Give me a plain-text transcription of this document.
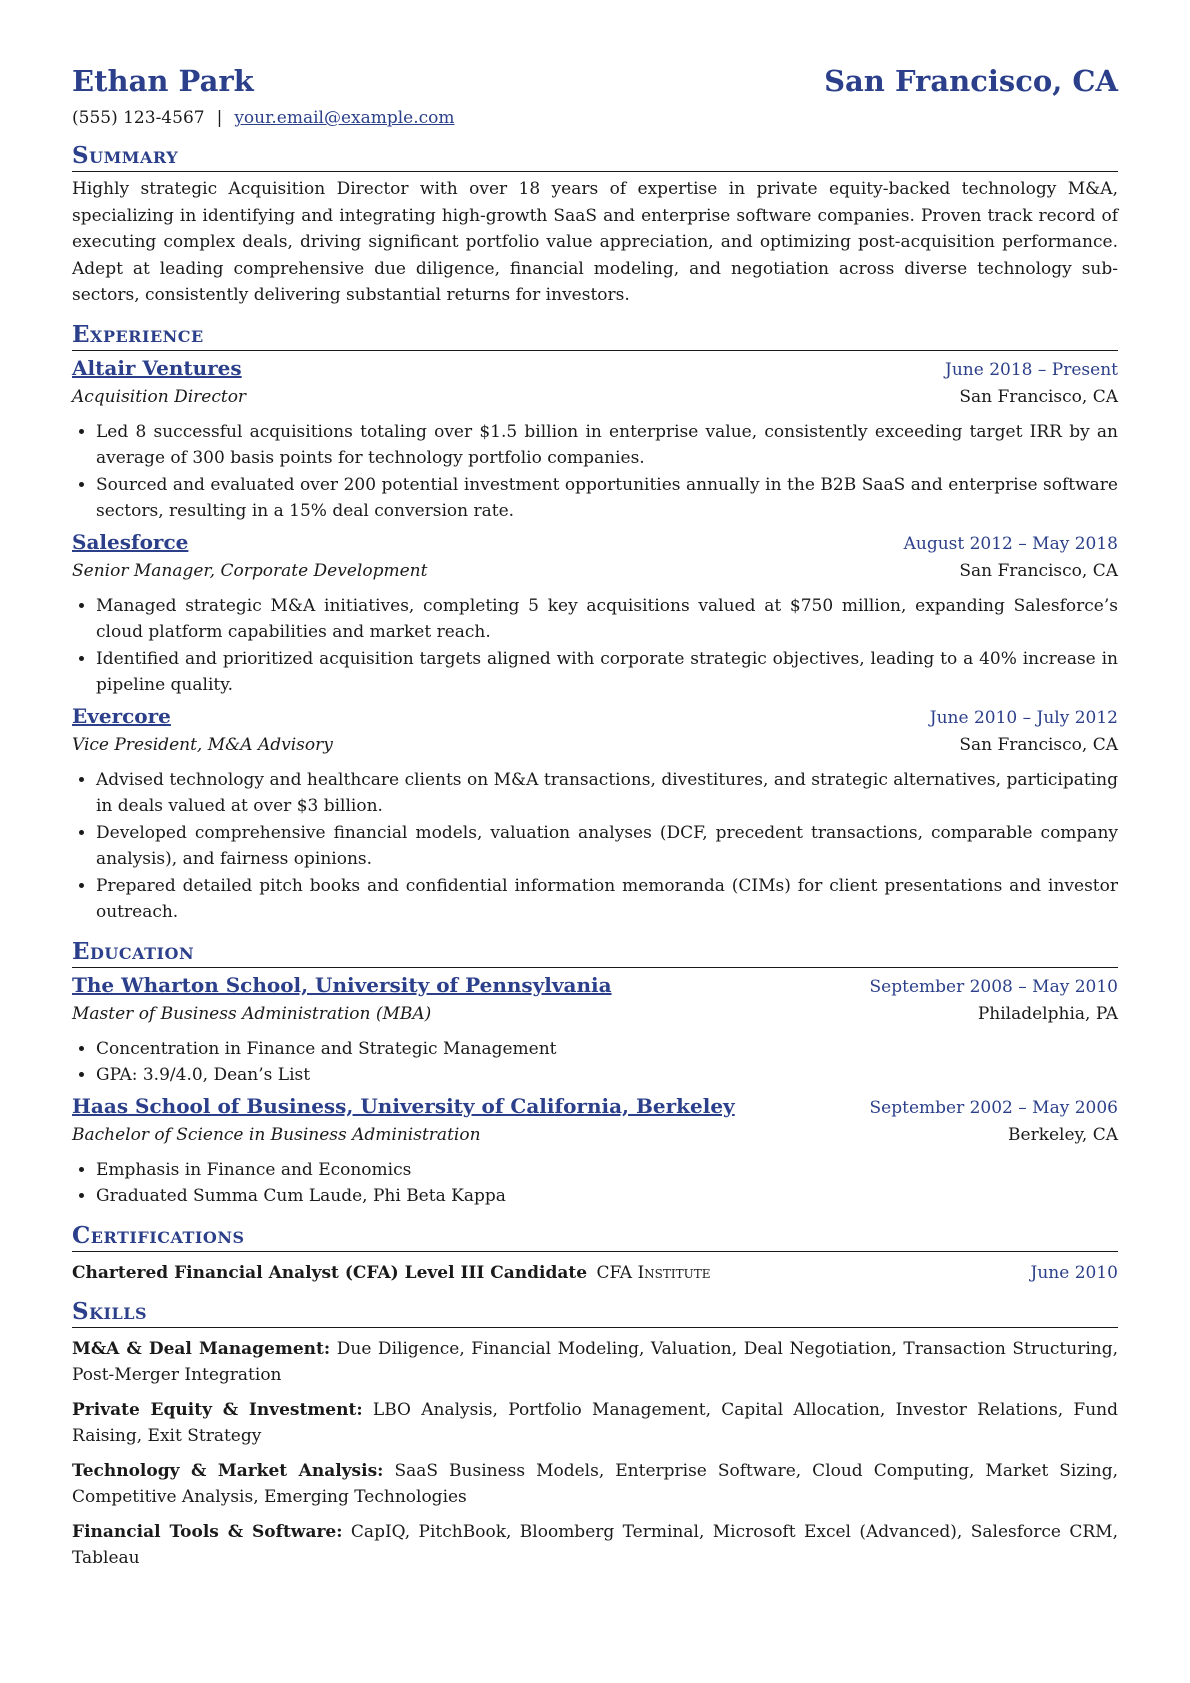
Ethan Park	San Francisco, CA
(555) 123-4567 | your.email@example.com
Summary
Highly strategic Acquisition Director with over 18 years of expertise in private equity-backed technology M&A, specializing in identifying and integrating high-growth SaaS and enterprise software companies. Proven track record of executing complex deals, driving significant portfolio value appreciation, and optimizing post-acquisition performance. Adept at leading comprehensive due diligence, financial modeling, and negotiation across diverse technology sub-sectors, consistently delivering substantial returns for investors.
Experience
Altair Ventures	June 2018 – Present
Acquisition Director	San Francisco, CA
• Led 8 successful acquisitions totaling over $1.5 billion in enterprise value, consistently exceeding target IRR by an average of 300 basis points for technology portfolio companies.
• Sourced and evaluated over 200 potential investment opportunities annually in the B2B SaaS and enterprise software sectors, resulting in a 15% deal conversion rate.
Salesforce	August 2012 – May 2018
Senior Manager, Corporate Development	San Francisco, CA
• Managed strategic M&A initiatives, completing 5 key acquisitions valued at $750 million, expanding Salesforce’s cloud platform capabilities and market reach.
• Identified and prioritized acquisition targets aligned with corporate strategic objectives, leading to a 40% increase in pipeline quality.
Evercore	June 2010 – July 2012
Vice President, M&A Advisory	San Francisco, CA
• Advised technology and healthcare clients on M&A transactions, divestitures, and strategic alternatives, participating in deals valued at over $3 billion.
• Developed comprehensive financial models, valuation analyses (DCF, precedent transactions, comparable company analysis), and fairness opinions.
• Prepared detailed pitch books and confidential information memoranda (CIMs) for client presentations and investor outreach.
Education
The Wharton School, University of Pennsylvania	September 2008 – May 2010
Master of Business Administration (MBA)	Philadelphia, PA
• Concentration in Finance and Strategic Management
• GPA: 3.9/4.0, Dean’s List
Haas School of Business, University of California, Berkeley	September 2002 – May 2006
Bachelor of Science in Business Administration	Berkeley, CA
• Emphasis in Finance and Economics
• Graduated Summa Cum Laude, Phi Beta Kappa
Certifications
Chartered Financial Analyst (CFA) Level III Candidate CFA Institute	June 2010
Skills
M&A & Deal Management: Due Diligence, Financial Modeling, Valuation, Deal Negotiation, Transaction Structuring, Post-Merger Integration
Private Equity & Investment: LBO Analysis, Portfolio Management, Capital Allocation, Investor Relations, Fund Raising, Exit Strategy
Technology & Market Analysis: SaaS Business Models, Enterprise Software, Cloud Computing, Market Sizing, Competitive Analysis, Emerging Technologies
Financial Tools & Software: CapIQ, PitchBook, Bloomberg Terminal, Microsoft Excel (Advanced), Salesforce CRM, Tableau
